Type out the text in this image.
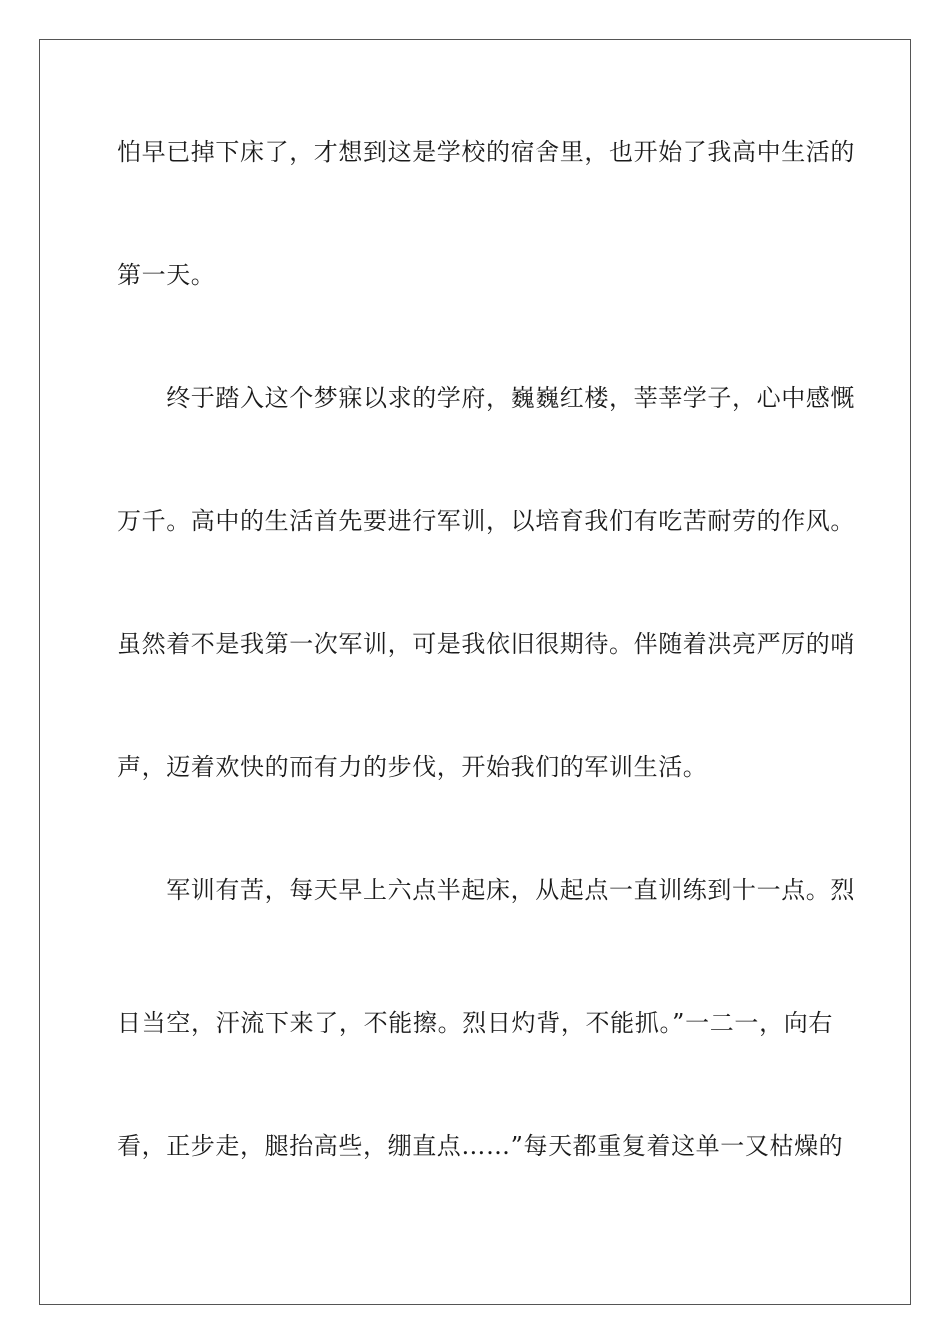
怕早已掉下床了，才想到这是学校的宿舍里，也开始了我高中生活的
第一天。
　　终于踏入这个梦寐以求的学府，巍巍红楼，莘莘学子，心中感慨
万千。高中的生活首先要进行军训，以培育我们有吃苦耐劳的作风。
虽然着不是我第一次军训，可是我依旧很期待。伴随着洪亮严厉的哨
声，迈着欢快的而有力的步伐，开始我们的军训生活。
　　军训有苦，每天早上六点半起床，从起点一直训练到十一点。烈
日当空，汗流下来了，不能擦。烈日灼背，不能抓。”一二一，向右
看，正步走，腿抬高些，绷直点……”每天都重复着这单一又枯燥的
